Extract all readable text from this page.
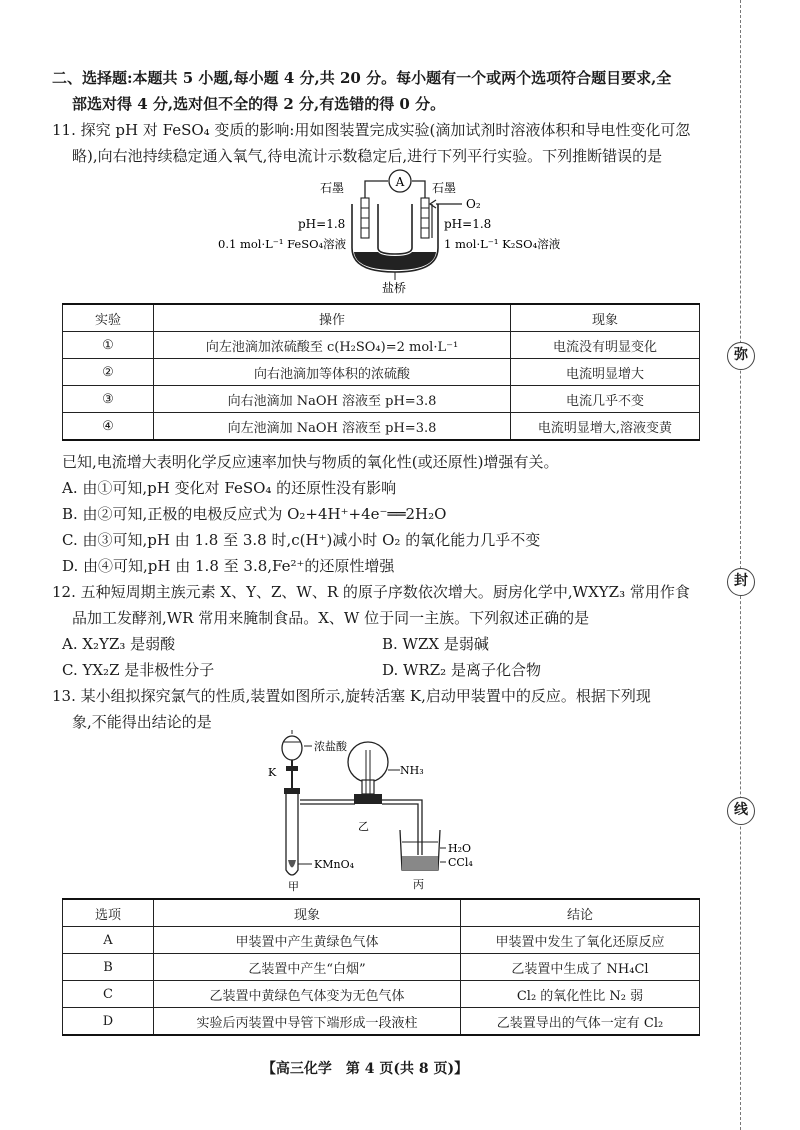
弥
封
线
二、选择题:本题共 5 小题,每小题 4 分,共 20 分。每小题有一个或两个选项符合题目要求,全
部选对得 4 分,选对但不全的得 2 分,有选错的得 0 分。
11. 探究 pH 对 FeSO₄ 变质的影响:用如图装置完成实验(滴加试剂时溶液体积和导电性变化可忽
略),向右池持续稳定通入氧气,待电流计示数稳定后,进行下列平行实验。下列推断错误的是
A
石墨	石墨
O₂
pH=1.8	pH=1.8
0.1 mol·L⁻¹ FeSO₄溶液	1 mol·L⁻¹ K₂SO₄溶液
盐桥
实验	操作	现象
①	向左池滴加浓硫酸至 c(H₂SO₄)=2 mol·L⁻¹	电流没有明显变化
②	向右池滴加等体积的浓硫酸	电流明显增大
③	向右池滴加 NaOH 溶液至 pH=3.8	电流几乎不变
④	向左池滴加 NaOH 溶液至 pH=3.8	电流明显增大,溶液变黄
已知,电流增大表明化学反应速率加快与物质的氧化性(或还原性)增强有关。
A. 由①可知,pH 变化对 FeSO₄ 的还原性没有影响
B. 由②可知,正极的电极反应式为 O₂+4H⁺+4e⁻══2H₂O
C. 由③可知,pH 由 1.8 至 3.8 时,c(H⁺)减小时 O₂ 的氧化能力几乎不变
D. 由④可知,pH 由 1.8 至 3.8,Fe²⁺的还原性增强
12. 五种短周期主族元素 X、Y、Z、W、R 的原子序数依次增大。厨房化学中,WXYZ₃ 常用作食
品加工发酵剂,WR 常用来腌制食品。X、W 位于同一主族。下列叙述正确的是
A. X₂YZ₃ 是弱酸	B. WZX 是弱碱
C. YX₂Z 是非极性分子	D. WRZ₂ 是离子化合物
13. 某小组拟探究氯气的性质,装置如图所示,旋转活塞 K,启动甲装置中的反应。根据下列现
象,不能得出结论的是
浓盐酸
K
KMnO₄
甲
NH₃
乙
H₂O
CCl₄
丙
选项	现象	结论
A	甲装置中产生黄绿色气体	甲装置中发生了氧化还原反应
B	乙装置中产生“白烟”	乙装置中生成了 NH₄Cl
C	乙装置中黄绿色气体变为无色气体	Cl₂ 的氧化性比 N₂ 弱
D	实验后丙装置中导管下端形成一段液柱	乙装置导出的气体一定有 Cl₂
【高三化学　第 4 页(共 8 页)】
